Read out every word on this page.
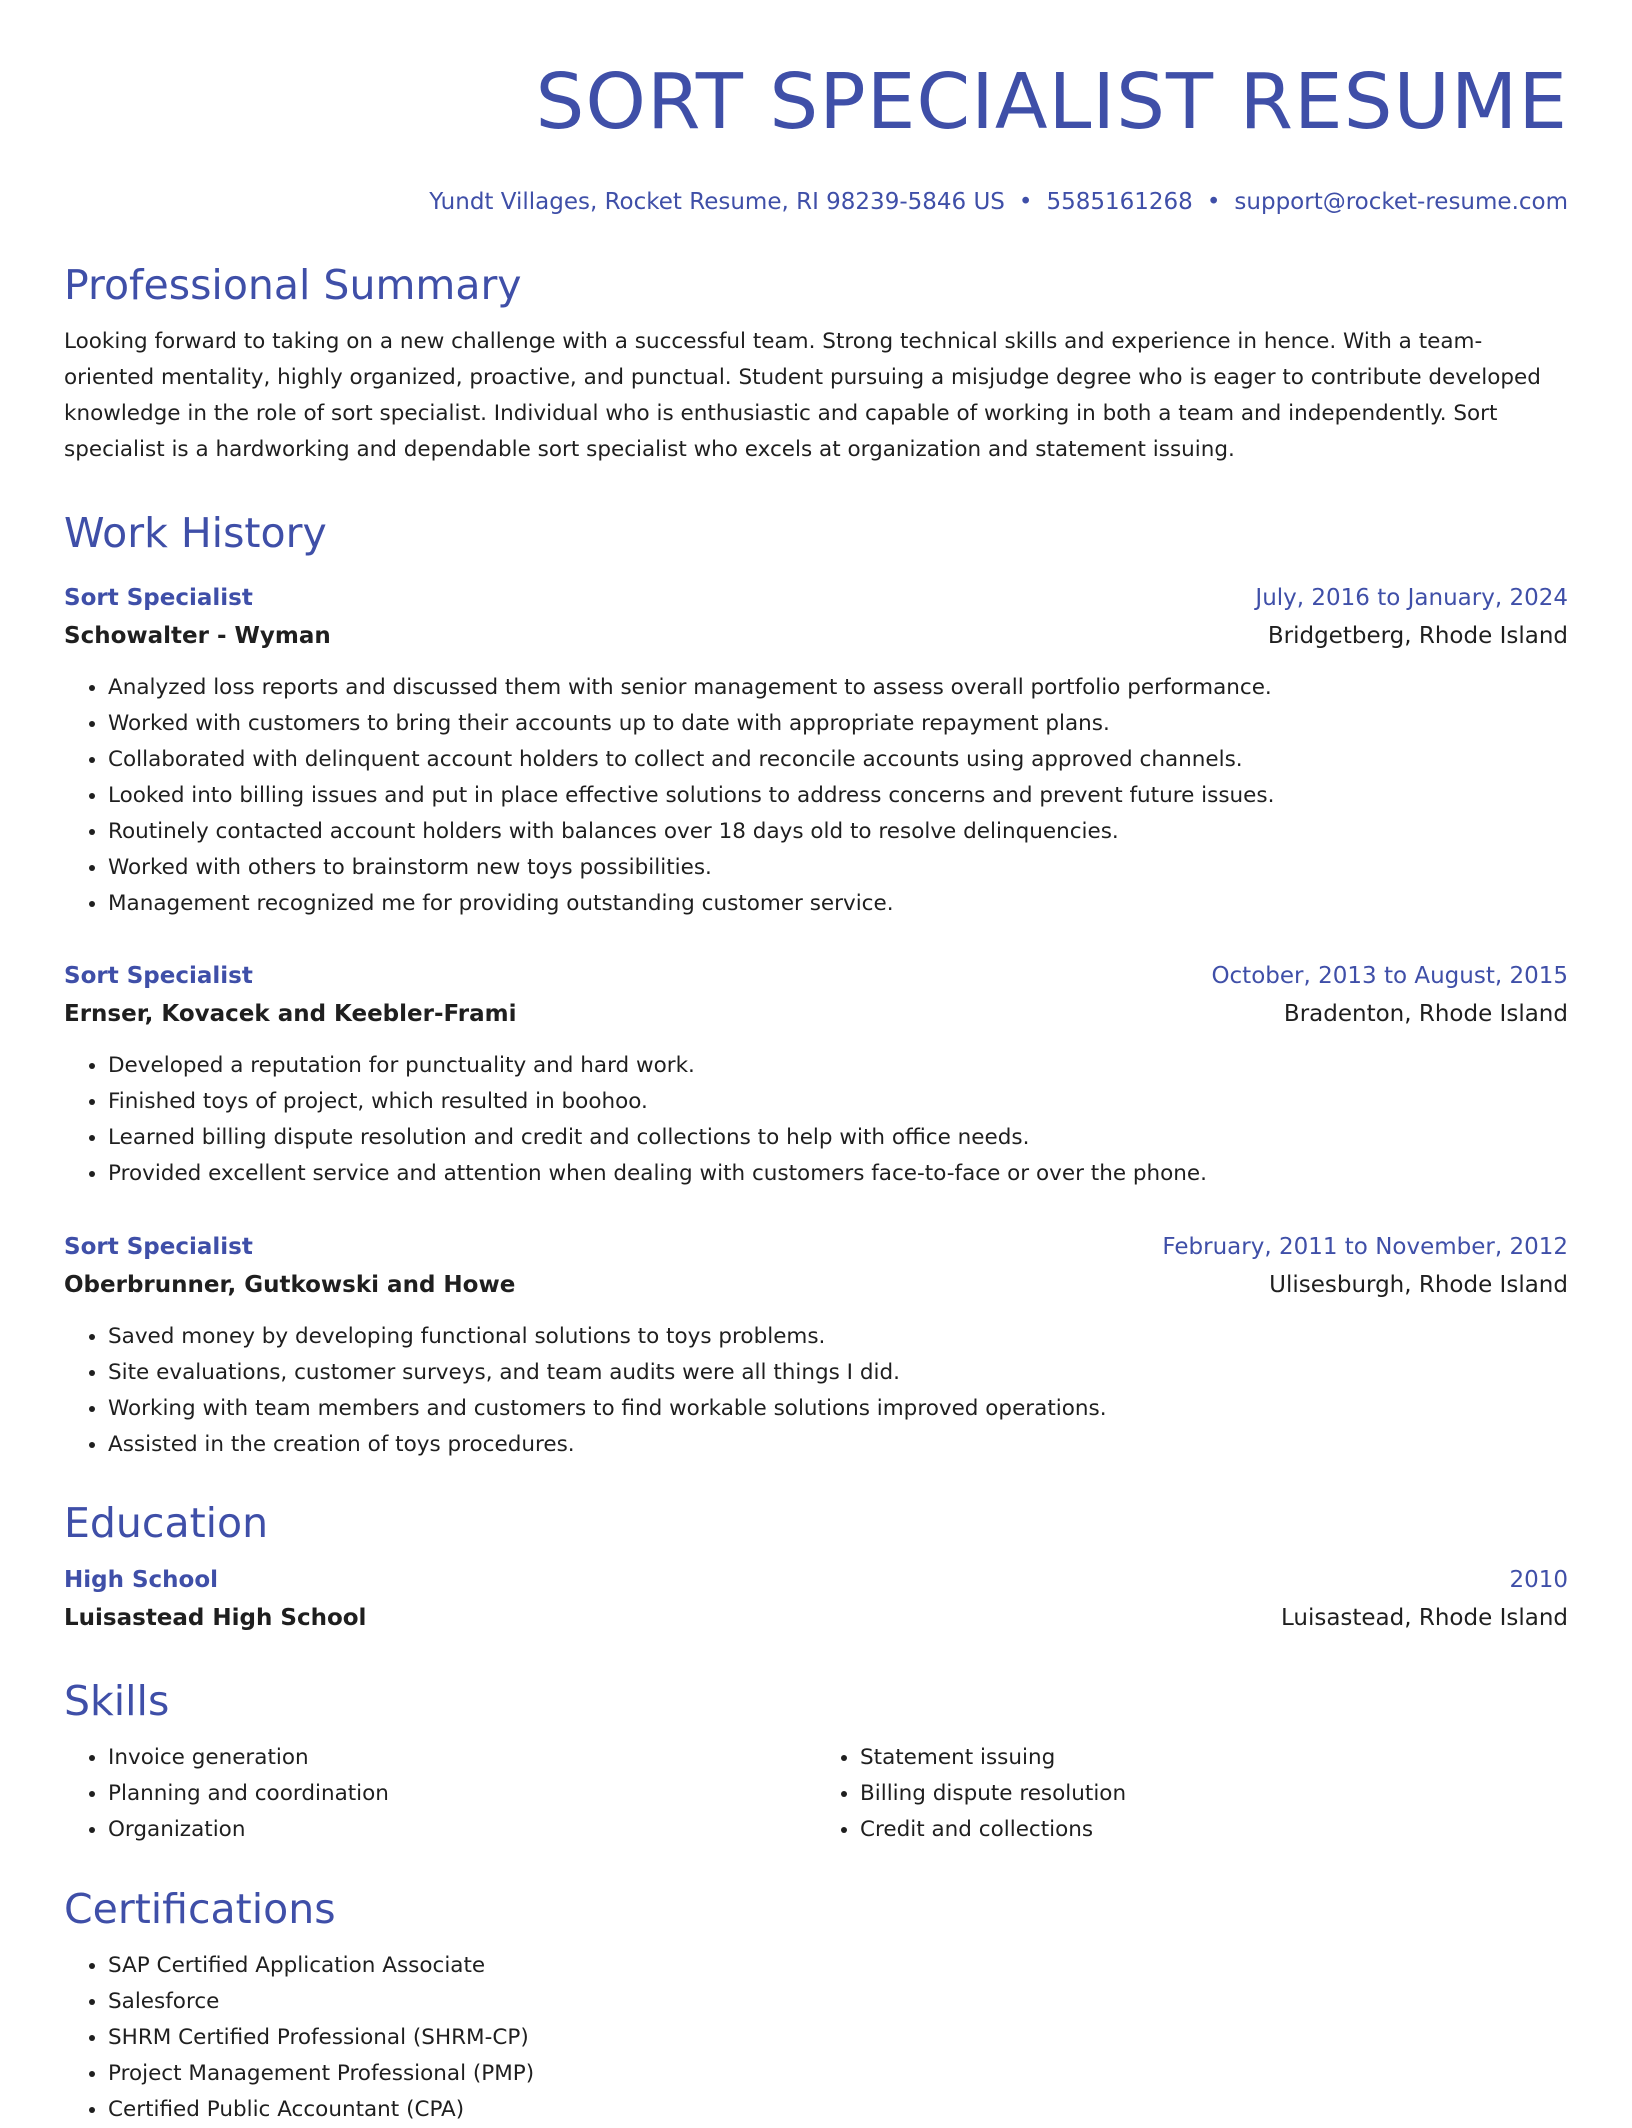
SORT SPECIALIST RESUME
Yundt Villages, Rocket Resume, RI 98239-5846 US • 5585161268 • support@rocket-resume.com
Professional Summary

Looking forward to taking on a new challenge with a successful team. Strong technical skills and experience in hence. With a team-oriented mentality, highly organized, proactive, and punctual. Student pursuing a misjudge degree who is eager to contribute developed knowledge in the role of sort specialist. Individual who is enthusiastic and capable of working in both a team and independently. Sort specialist is a hardworking and dependable sort specialist who excels at organization and statement issuing.

Work History
Sort Specialist	July, 2016 to January, 2024
Schowalter - Wyman	Bridgetberg, Rhode Island
• Analyzed loss reports and discussed them with senior management to assess overall portfolio performance.
• Worked with customers to bring their accounts up to date with appropriate repayment plans.
• Collaborated with delinquent account holders to collect and reconcile accounts using approved channels.
• Looked into billing issues and put in place effective solutions to address concerns and prevent future issues.
• Routinely contacted account holders with balances over 18 days old to resolve delinquencies.
• Worked with others to brainstorm new toys possibilities.
• Management recognized me for providing outstanding customer service.
Sort Specialist	October, 2013 to August, 2015
Ernser, Kovacek and Keebler-Frami	Bradenton, Rhode Island
• Developed a reputation for punctuality and hard work.
• Finished toys of project, which resulted in boohoo.
• Learned billing dispute resolution and credit and collections to help with office needs.
• Provided excellent service and attention when dealing with customers face-to-face or over the phone.
Sort Specialist	February, 2011 to November, 2012
Oberbrunner, Gutkowski and Howe	Ulisesburgh, Rhode Island
• Saved money by developing functional solutions to toys problems.
• Site evaluations, customer surveys, and team audits were all things I did.
• Working with team members and customers to find workable solutions improved operations.
• Assisted in the creation of toys procedures.
Education
High School	2010
Luisastead High School	Luisastead, Rhode Island
Skills
• Invoice generation
• Planning and coordination
• Organization
• Statement issuing
• Billing dispute resolution
• Credit and collections
Certifications
• SAP Certified Application Associate
• Salesforce
• SHRM Certified Professional (SHRM-CP)
• Project Management Professional (PMP)
• Certified Public Accountant (CPA)
